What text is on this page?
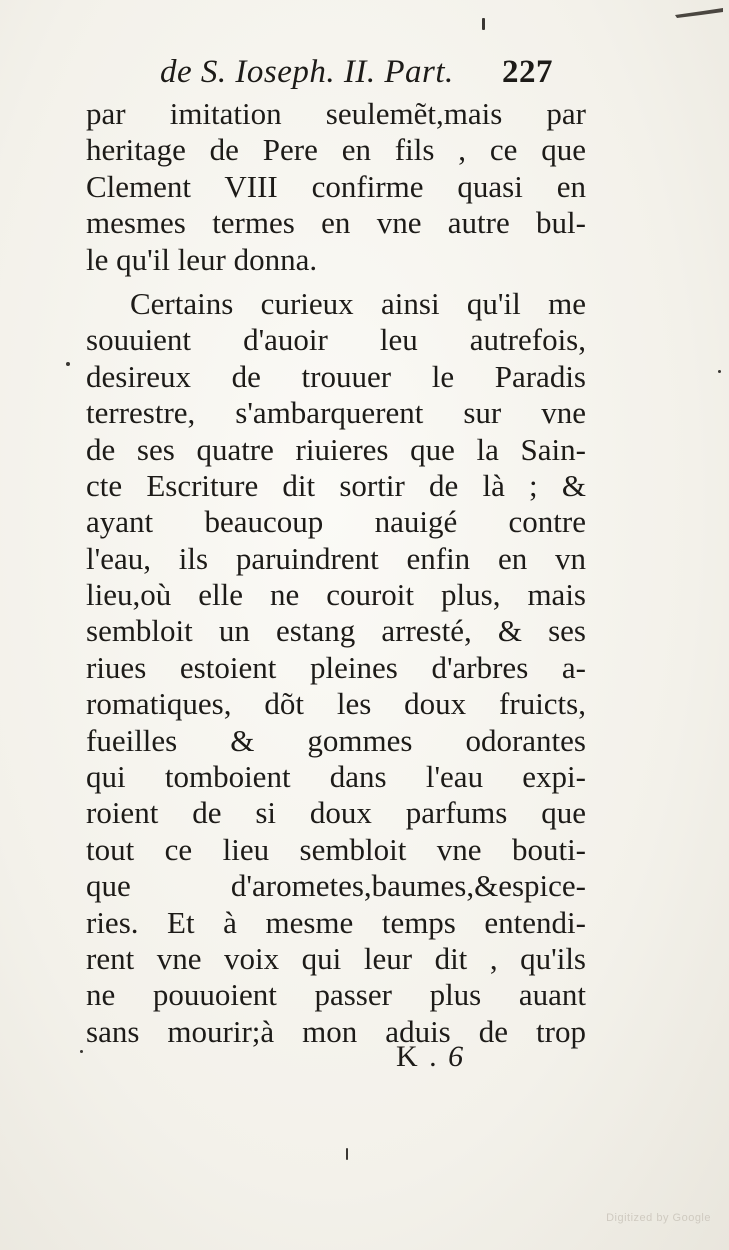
de S. Ioseph. II. Part. 227
par imitation seulemẽt,mais par
heritage de Pere en fils , ce que
Clement VIII confirme quasi en
mesmes termes en vne autre bul-
le qu'il leur donna.
Certains curieux ainsi qu'il me
souuient d'auoir leu autrefois,
desireux de trouuer le Paradis
terrestre, s'ambarquerent sur vne
de ses quatre riuieres que la Sain-
cte Escriture dit sortir de là ; &
ayant beaucoup nauigé contre
l'eau, ils paruindrent enfin en vn
lieu,où elle ne couroit plus, mais
sembloit un estang arresté, & ses
riues estoient pleines d'arbres a-
romatiques, dõt les doux fruicts,
fueilles & gommes odorantes
qui tomboient dans l'eau expi-
roient de si doux parfums que
tout ce lieu sembloit vne bouti-
que d'arometes,baumes,&espice-
ries. Et à mesme temps entendi-
rent vne voix qui leur dit , qu'ils
ne pouuoient passer plus auant
sans mourir;à mon aduis de trop
K . 6
Digitized by Google
